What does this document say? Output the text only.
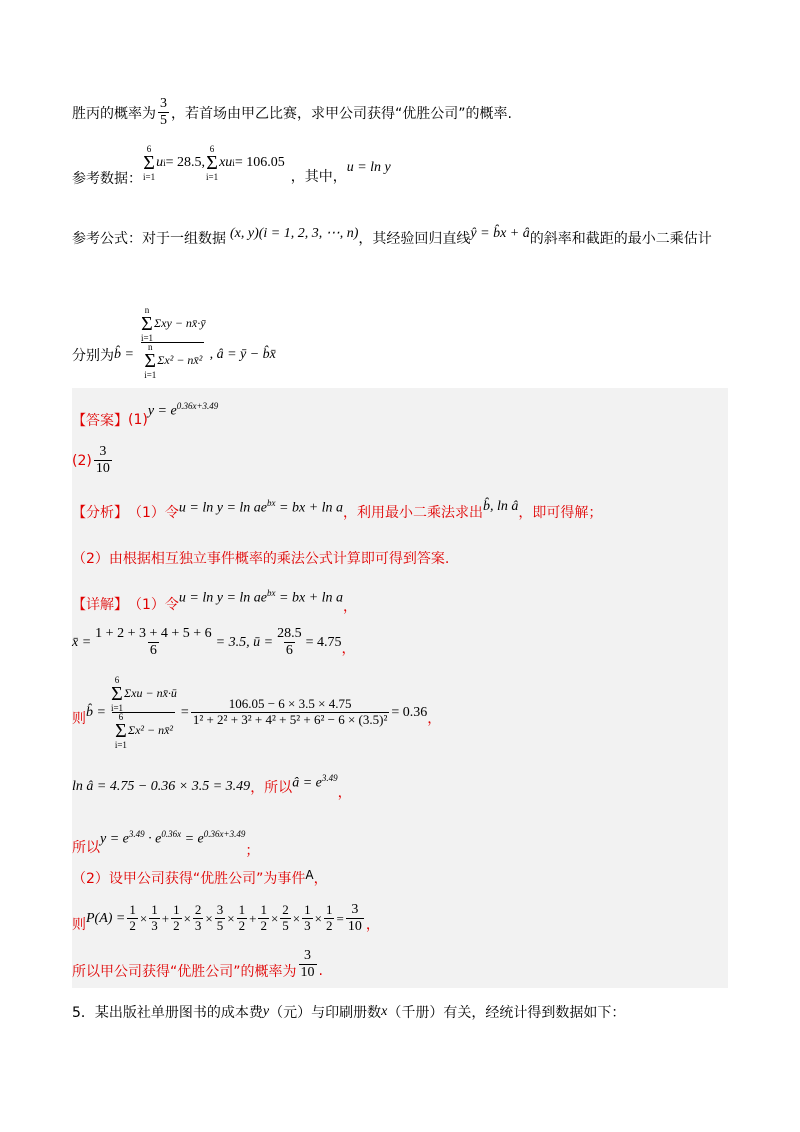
胜丙的概率为 $\frac{3}{5}$ ，若首场由甲乙比赛，求甲公司获得“优胜公司”的概率.
参考数据：
6
Σ
i=1
u i = 28.5,
6
Σ
i=1
xu i = 106.05
，其中，
u = ln y
参考公式：对于一组数据 (x, y)(i = 1, 2, 3, ⋯, n) ，其经验回归直线 ŷ = b̂x + â 的斜率和截距的最小二乘估计
分别为 b̂ = n
Σ
i=1
Σxy − nx̄·ȳ
n
Σ
i=1
Σx² − nx̄² , â = ȳ − b̂x̄
【答案】 (1)
$y = e^{0.36x+3.49}$
$(2) \frac{3}{10}$
【分析】 （1）令 $u = \ln y = \ln ae^{bx}$ = bx + ln a ，利用最小二乘法求出 b̂, ln â ，即可得解；
（2）由根据相互独立事件概率的乘法公式计算即可得到答案.
【详解】 （1）令 $u = \ln y = \ln ae^{bx}$ = bx + ln a
，
x̄ = $\frac{1 + 2 + 3 + 4 + 5 + 6}{6} = 3.5$, ū = $\frac{28.5}{6} = 4.75$ ，
则 b̂ = 6
Σ
i=1
Σxu − nx̄·ū
6
Σ
i=1
Σx² − nx̄² = $\frac{106.05 - 6 \times 3.5 \times 4.75}{\text{1² + 2² + 3² + 4² + 5² + 6² − 6 × (3.5)²}} = 0.36$ ，
ln â = 4.75 − 0.36 × 3.5 = 3.49 ，所以 â = $e^{3.49}$
，
所以
$y = e^{3.49} \cdot e^{0.36x} = e^{0.36x+3.49}$
；
（2）设甲公司获得“优胜公司”为事件 A ，
则 $P(A) = \frac{1}{2} \times \frac{1}{3} + \frac{1}{2} \times \frac{2}{3} \times \frac{3}{5} \times \frac{1}{2} + \frac{1}{2} \times \frac{2}{5} \times \frac{1}{3} \times \frac{1}{2} = \frac{3}{10}$ ，
所以甲公司获得“优胜公司”的概率为 $\frac{3}{10}$ .
5．某出版社单册图书的成本费 y （元）与印刷册数 x （千册）有关，经统计得到数据如下：
